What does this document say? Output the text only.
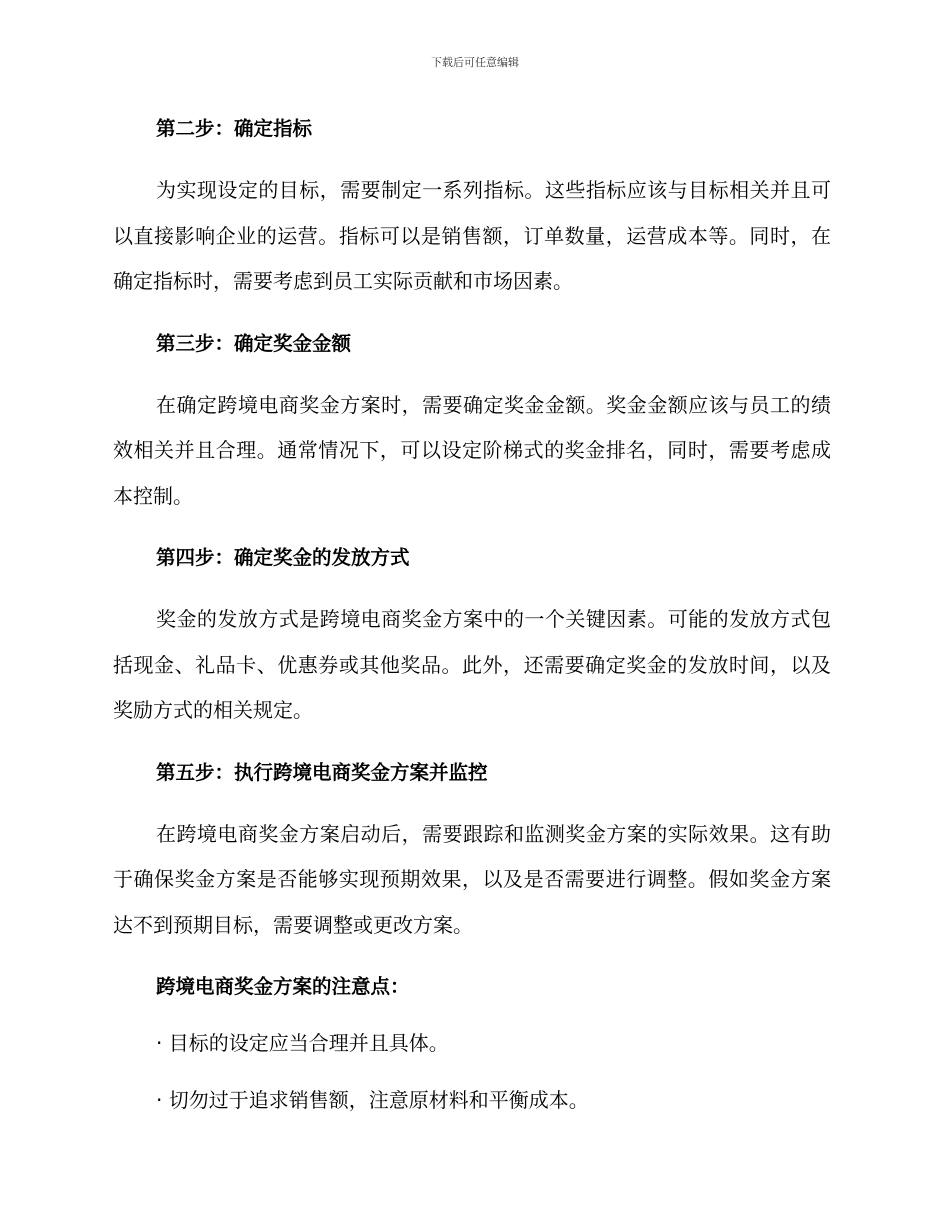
下载后可任意编辑

第二步：确定指标

为实现设定的目标，需要制定一系列指标。这些指标应该与目标相关并且可以直接影响企业的运营。指标可以是销售额，订单数量，运营成本等。同时，在确定指标时，需要考虑到员工实际贡献和市场因素。

第三步：确定奖金金额

在确定跨境电商奖金方案时，需要确定奖金金额。奖金金额应该与员工的绩效相关并且合理。通常情况下，可以设定阶梯式的奖金排名，同时，需要考虑成本控制。

第四步：确定奖金的发放方式

奖金的发放方式是跨境电商奖金方案中的一个关键因素。可能的发放方式包括现金、礼品卡、优惠券或其他奖品。此外，还需要确定奖金的发放时间，以及奖励方式的相关规定。

第五步：执行跨境电商奖金方案并监控

在跨境电商奖金方案启动后，需要跟踪和监测奖金方案的实际效果。这有助于确保奖金方案是否能够实现预期效果，以及是否需要进行调整。假如奖金方案达不到预期目标，需要调整或更改方案。

跨境电商奖金方案的注意点：

· 目标的设定应当合理并且具体。

· 切勿过于追求销售额，注意原材料和平衡成本。
